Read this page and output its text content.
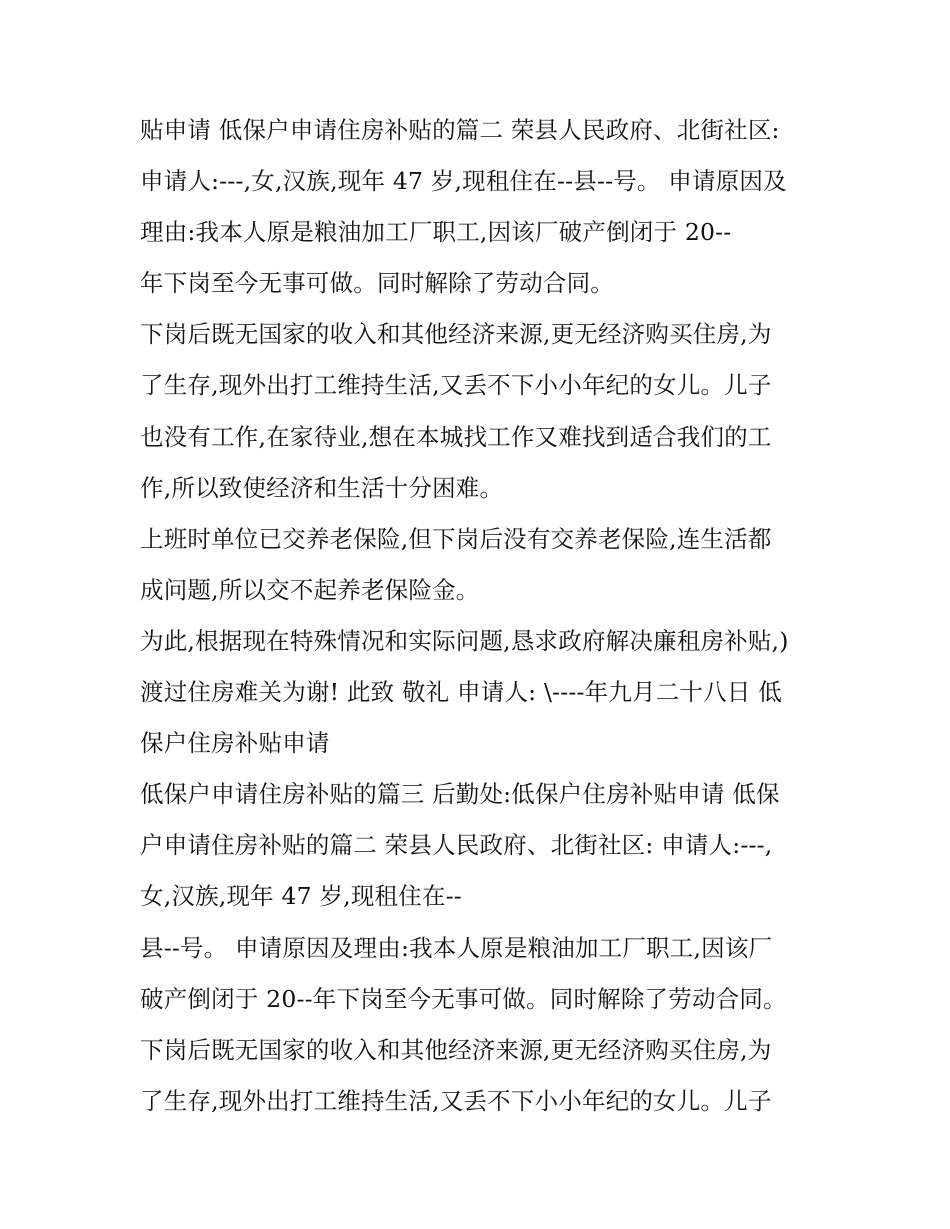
贴申请 低保户申请住房补贴的篇二 荣县人民政府、北街社区:
申请人:---,女,汉族,现年 47 岁,现租住在--县--号。 申请原因及
理由:我本人原是粮油加工厂职工,因该厂破产倒闭于 20--
年下岗至今无事可做。同时解除了劳动合同。
下岗后既无国家的收入和其他经济来源,更无经济购买住房,为
了生存,现外出打工维持生活,又丢不下小小年纪的女儿。儿子
也没有工作,在家待业,想在本城找工作又难找到适合我们的工
作,所以致使经济和生活十分困难。
上班时单位已交养老保险,但下岗后没有交养老保险,连生活都
成问题,所以交不起养老保险金。
为此,根据现在特殊情况和实际问题,恳求政府解决廉租房补贴,)
渡过住房难关为谢! 此致 敬礼 申请人: \----年九月二十八日 低
保户住房补贴申请
低保户申请住房补贴的篇三 后勤处:低保户住房补贴申请 低保
户申请住房补贴的篇二 荣县人民政府、北街社区: 申请人:---,
女,汉族,现年 47 岁,现租住在--
县--号。 申请原因及理由:我本人原是粮油加工厂职工,因该厂
破产倒闭于 20--年下岗至今无事可做。同时解除了劳动合同。
下岗后既无国家的收入和其他经济来源,更无经济购买住房,为
了生存,现外出打工维持生活,又丢不下小小年纪的女儿。儿子
